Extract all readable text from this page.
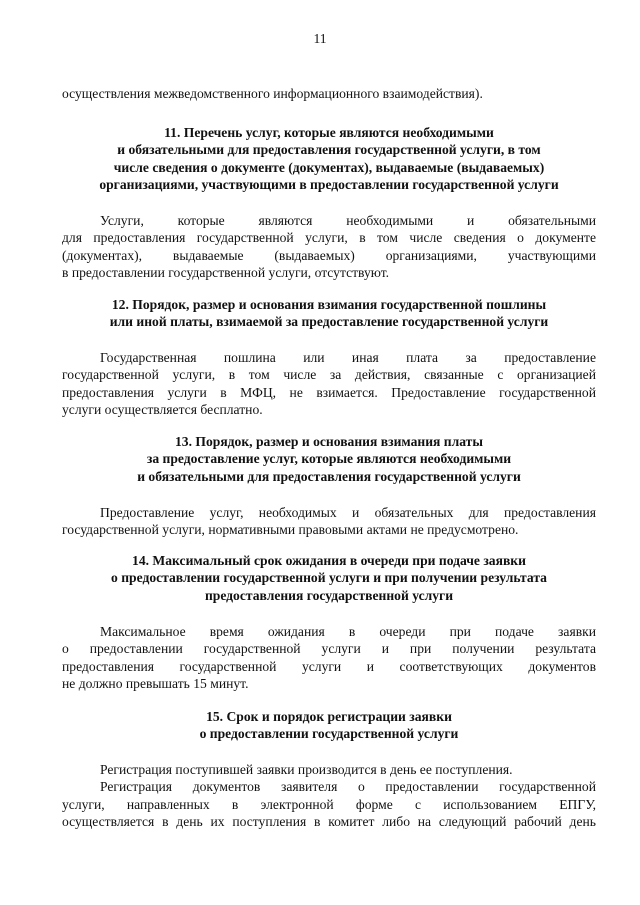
11
осуществления межведомственного информационного взаимодействия).
11. Перечень услуг, которые являются необходимыми
и обязательными для предоставления государственной услуги, в том
числе сведения о документе (документах), выдаваемые (выдаваемых)
организациями, участвующими в предоставлении государственной услуги
Услуги, которые являются необходимыми и обязательными
для предоставления государственной услуги, в том числе сведения о документе
(документах), выдаваемые (выдаваемых) организациями, участвующими
в предоставлении государственной услуги, отсутствуют.
12. Порядок, размер и основания взимания государственной пошлины
или иной платы, взимаемой за предоставление государственной услуги
Государственная пошлина или иная плата за предоставление
государственной услуги, в том числе за действия, связанные с организацией
предоставления услуги в МФЦ, не взимается. Предоставление государственной
услуги осуществляется бесплатно.
13. Порядок, размер и основания взимания платы
за предоставление услуг, которые являются необходимыми
и обязательными для предоставления государственной услуги
Предоставление услуг, необходимых и обязательных для предоставления
государственной услуги, нормативными правовыми актами не предусмотрено.
14. Максимальный срок ожидания в очереди при подаче заявки
о предоставлении государственной услуги и при получении результата
предоставления государственной услуги
Максимальное время ожидания в очереди при подаче заявки
о предоставлении государственной услуги и при получении результата
предоставления государственной услуги и соответствующих документов
не должно превышать 15 минут.
15. Срок и порядок регистрации заявки
о предоставлении государственной услуги
Регистрация поступившей заявки производится в день ее поступления.
Регистрация документов заявителя о предоставлении государственной
услуги, направленных в электронной форме с использованием ЕПГУ,
осуществляется в день их поступления в комитет либо на следующий рабочий день
